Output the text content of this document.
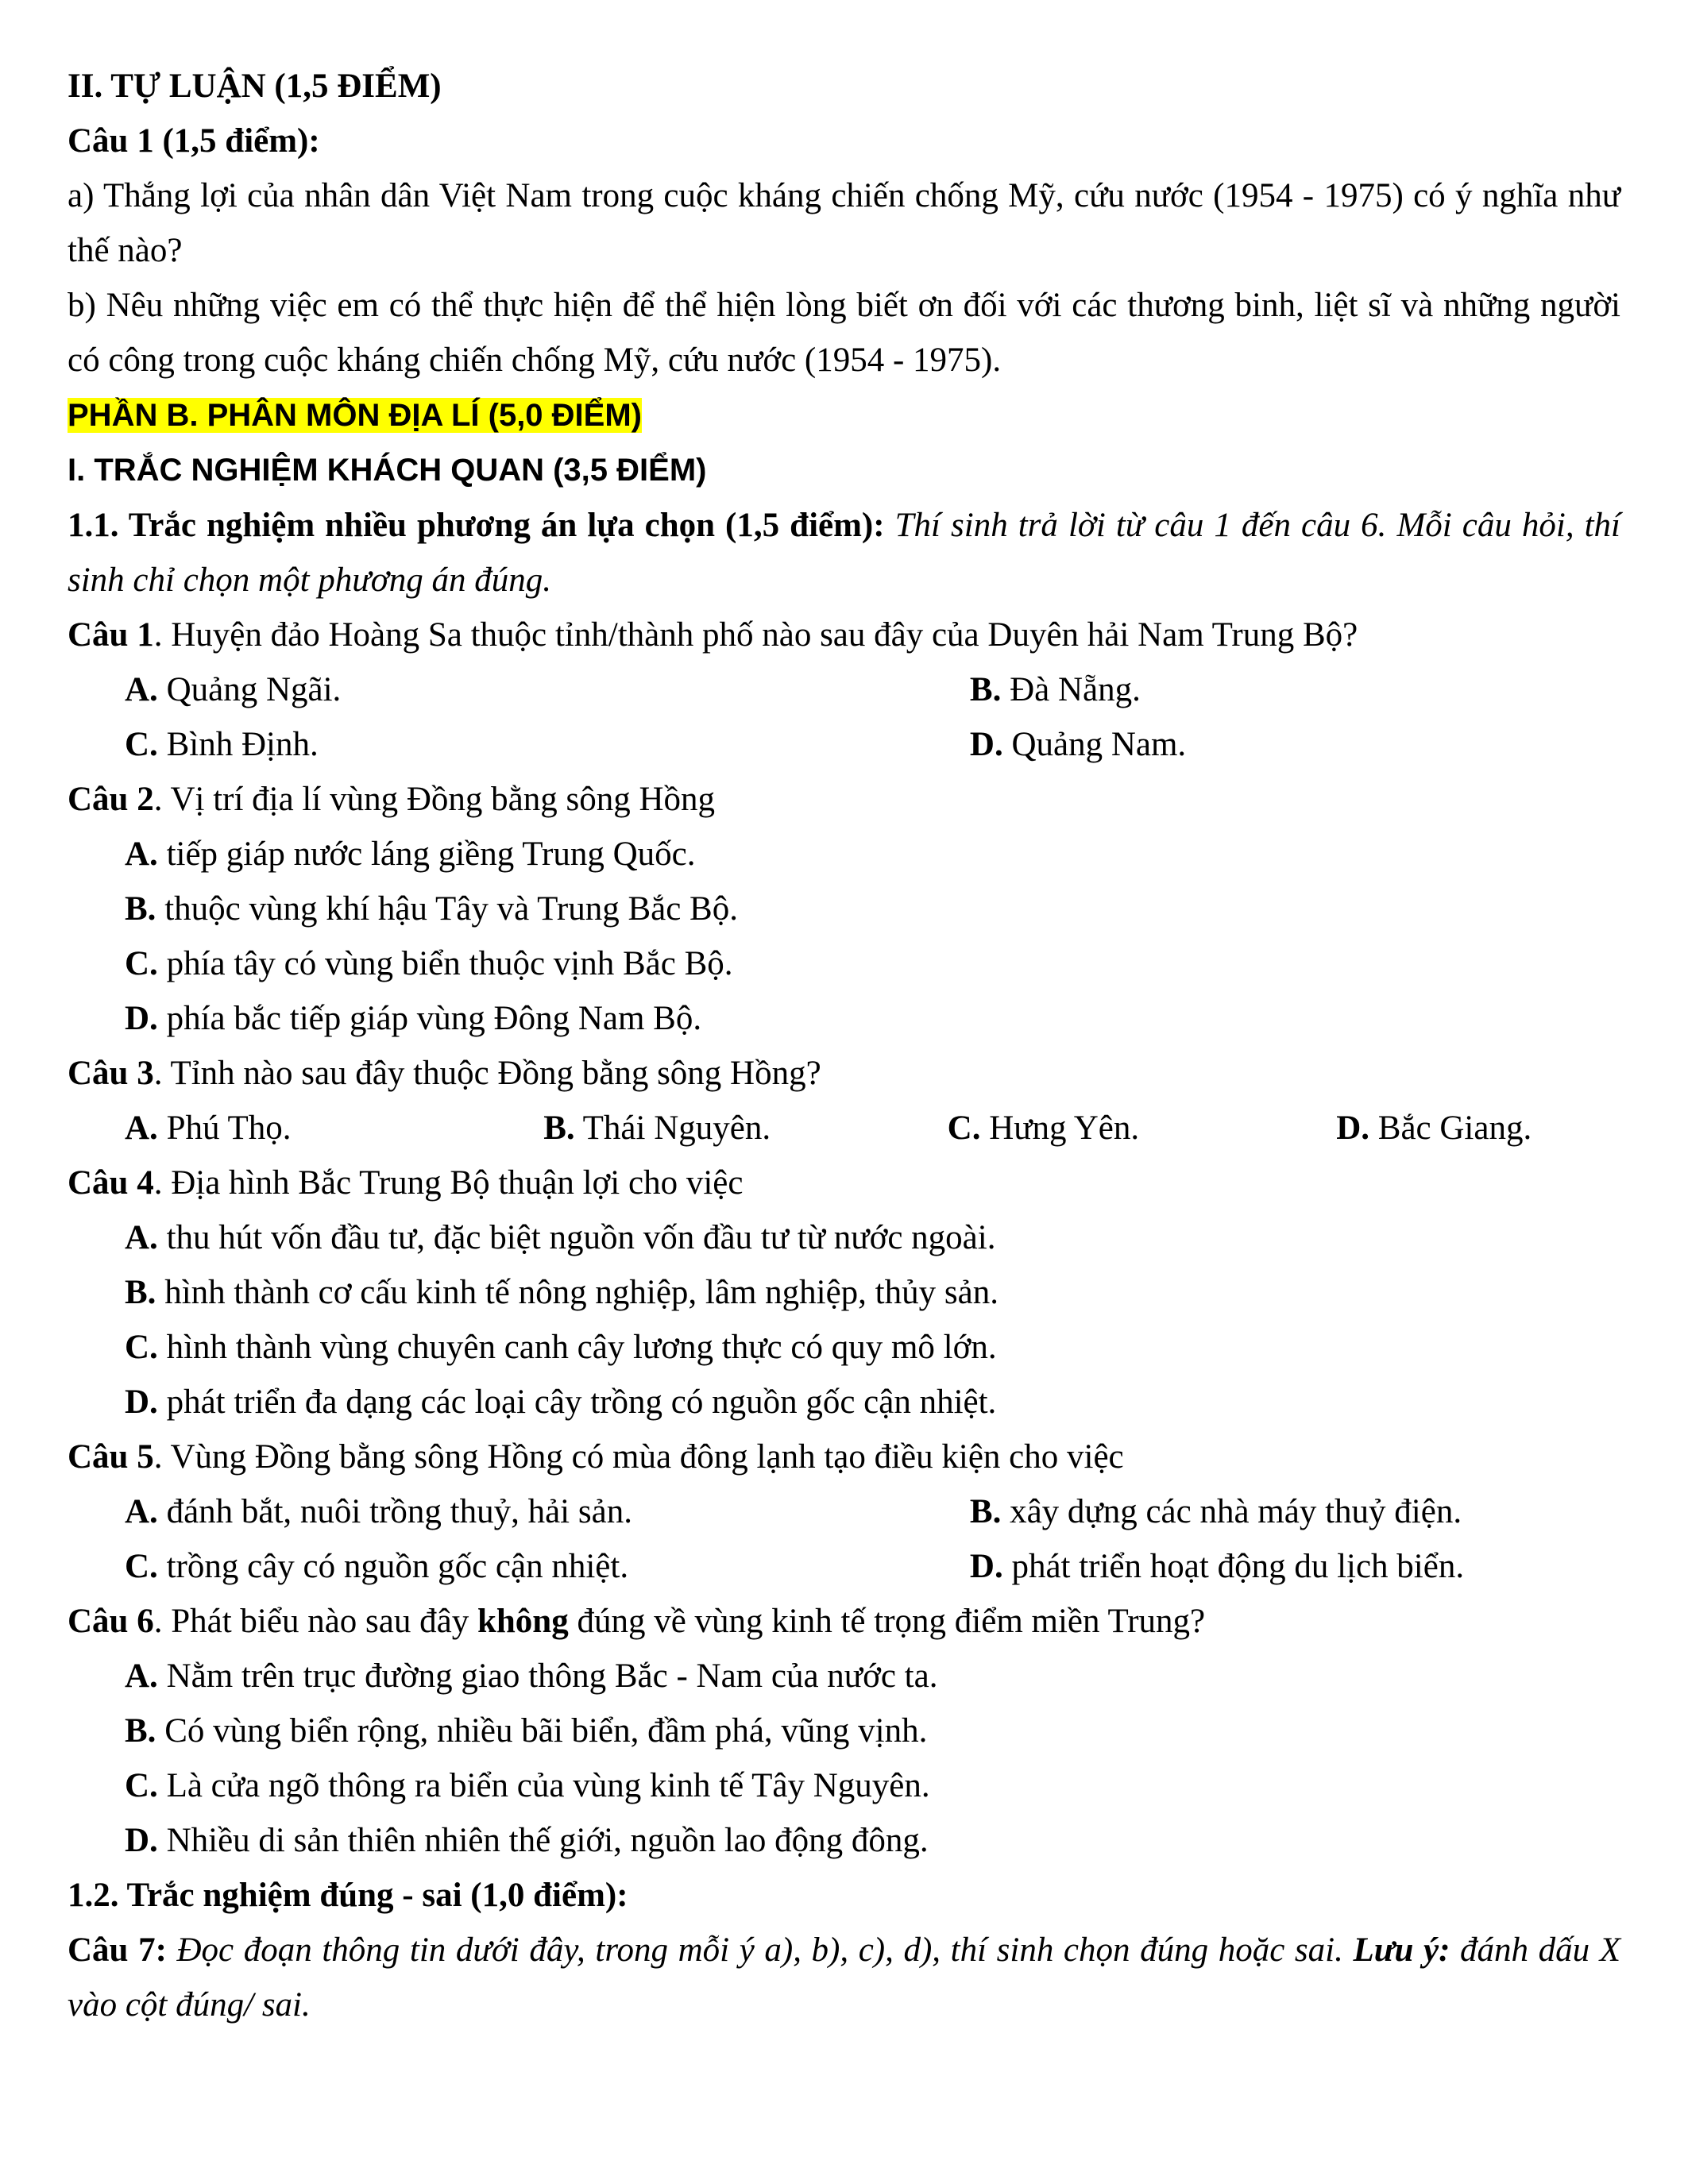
II. TỰ LUẬN (1,5 ĐIỂM)

Câu 1 (1,5 điểm):

a) Thắng lợi của nhân dân Việt Nam trong cuộc kháng chiến chống Mỹ, cứu nước (1954 - 1975) có ý nghĩa như thế nào?

b) Nêu những việc em có thể thực hiện để thể hiện lòng biết ơn đối với các thương binh, liệt sĩ và những người có công trong cuộc kháng chiến chống Mỹ, cứu nước (1954 - 1975).

PHẦN B. PHÂN MÔN ĐỊA LÍ (5,0 ĐIỂM)

I. TRẮC NGHIỆM KHÁCH QUAN (3,5 ĐIỂM)

1.1. Trắc nghiệm nhiều phương án lựa chọn (1,5 điểm): Thí sinh trả lời từ câu 1 đến câu 6. Mỗi câu hỏi, thí sinh chỉ chọn một phương án đúng.

Câu 1. Huyện đảo Hoàng Sa thuộc tỉnh/thành phố nào sau đây của Duyên hải Nam Trung Bộ?

A. Quảng Ngãi.	B. Đà Nẵng.

C. Bình Định.	D. Quảng Nam.

Câu 2. Vị trí địa lí vùng Đồng bằng sông Hồng

A. tiếp giáp nước láng giềng Trung Quốc.

B. thuộc vùng khí hậu Tây và Trung Bắc Bộ.

C. phía tây có vùng biển thuộc vịnh Bắc Bộ.

D. phía bắc tiếp giáp vùng Đông Nam Bộ.

Câu 3. Tỉnh nào sau đây thuộc Đồng bằng sông Hồng?

A. Phú Thọ.	B. Thái Nguyên.	C. Hưng Yên.	D. Bắc Giang.

Câu 4. Địa hình Bắc Trung Bộ thuận lợi cho việc

A. thu hút vốn đầu tư, đặc biệt nguồn vốn đầu tư từ nước ngoài.

B. hình thành cơ cấu kinh tế nông nghiệp, lâm nghiệp, thủy sản.

C. hình thành vùng chuyên canh cây lương thực có quy mô lớn.

D. phát triển đa dạng các loại cây trồng có nguồn gốc cận nhiệt.

Câu 5. Vùng Đồng bằng sông Hồng có mùa đông lạnh tạo điều kiện cho việc

A. đánh bắt, nuôi trồng thuỷ, hải sản.	B. xây dựng các nhà máy thuỷ điện.

C. trồng cây có nguồn gốc cận nhiệt.	D. phát triển hoạt động du lịch biển.

Câu 6. Phát biểu nào sau đây không đúng về vùng kinh tế trọng điểm miền Trung?

A. Nằm trên trục đường giao thông Bắc - Nam của nước ta.

B. Có vùng biển rộng, nhiều bãi biển, đầm phá, vũng vịnh.

C. Là cửa ngõ thông ra biển của vùng kinh tế Tây Nguyên.

D. Nhiều di sản thiên nhiên thế giới, nguồn lao động đông.

1.2. Trắc nghiệm đúng - sai (1,0 điểm):

Câu 7: Đọc đoạn thông tin dưới đây, trong mỗi ý a), b), c), d), thí sinh chọn đúng hoặc sai. Lưu ý: đánh dấu X vào cột đúng/ sai.
